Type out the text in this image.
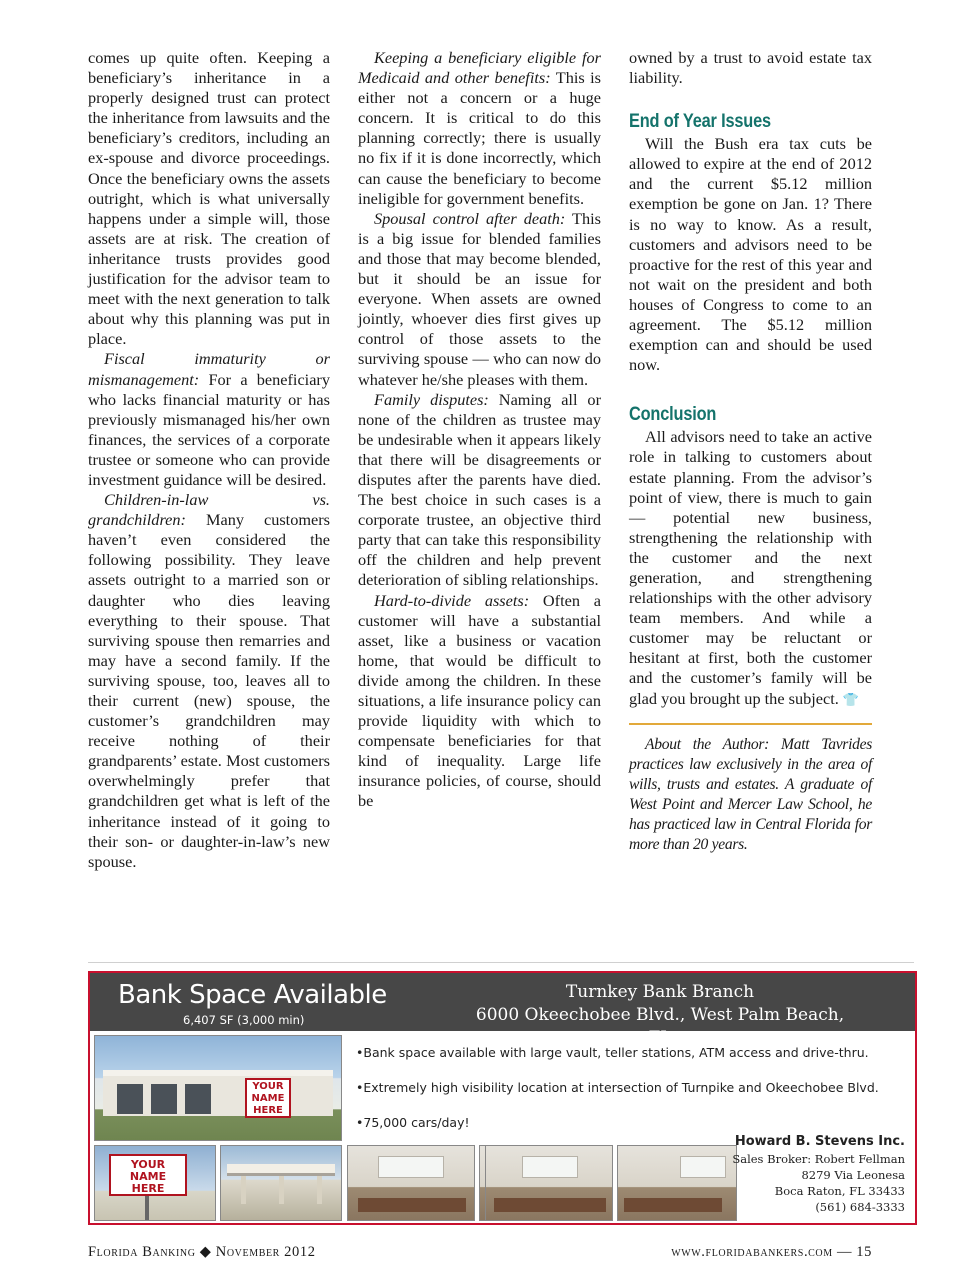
comes up quite often. Keeping a beneficiary’s inheritance in a properly designed trust can protect the inheritance from lawsuits and the beneficiary’s creditors, including an ex-spouse and divorce proceedings. Once the beneficiary owns the assets outright, which is what universally happens under a simple will, those assets are at risk. The creation of inheritance trusts provides good justification for the advisor team to meet with the next generation to talk about why this planning was put in place.

Fiscal immaturity or mismanagement: For a beneficiary who lacks financial maturity or has previously mismanaged his/her own finances, the services of a corporate trustee or someone who can provide investment guidance will be desired.

Children-in-law vs. grandchildren: Many customers haven’t even considered the following possibility. They leave assets outright to a married son or daughter who dies leaving everything to their spouse. That surviving spouse then remarries and may have a second family. If the surviving spouse, too, leaves all to their current (new) spouse, the customer’s grandchildren may receive nothing of their grandparents’ estate. Most customers overwhelmingly prefer that grandchildren get what is left of the inheritance instead of it going to their son- or daughter-in-law’s new spouse.

Keeping a beneficiary eligible for Medicaid and other benefits: This is either not a concern or a huge concern. It is critical to do this planning correctly; there is usually no fix if it is done incorrectly, which can cause the beneficiary to become ineligible for government benefits.

Spousal control after death: This is a big issue for blended families and those that may become blended, but it should be an issue for everyone. When assets are owned jointly, whoever dies first gives up control of those assets to the surviving spouse — who can now do whatever he/she pleases with them.

Family disputes: Naming all or none of the children as trustee may be undesirable when it appears likely that there will be disagreements or disputes after the parents have died. The best choice in such cases is a corporate trustee, an objective third party that can take this responsibility off the children and help prevent deterioration of sibling relationships.

Hard-to-divide assets: Often a customer will have a substantial asset, like a business or vacation home, that would be difficult to divide among the children. In these situations, a life insurance policy can provide liquidity with which to compensate beneficiaries for that kind of inequality. Large life insurance policies, of course, should be

owned by a trust to avoid estate tax liability.

End of Year Issues

Will the Bush era tax cuts be allowed to expire at the end of 2012 and the current $5.12 million exemption be gone on Jan. 1? There is no way to know. As a result, customers and advisors need to be proactive for the rest of this year and not wait on the president and both houses of Congress to come to an agreement. The $5.12 million exemption can and should be used now.

Conclusion

All advisors need to take an active role in talking to customers about estate planning. From the advisor’s point of view, there is much to gain — potential new business, strengthening the relationship with the customer and the next generation, and strengthening relationships with the other advisory team members. And while a customer may be reluctant or hesitant at first, both the customer and the customer’s family will be glad you brought up the subject. 👕

About the Author: Matt Tavrides practices law exclusively in the area of wills, trusts and estates. A graduate of West Point and Mercer Law School, he has practiced law in Central Florida for more than 20 years.

Bank Space Available
6,407 SF (3,000 min)
Turnkey Bank Branch
6000 Okeechobee Blvd., West Palm Beach, FL
YOUR
NAME
HERE
YOUR
NAME
HERE
•Bank space available with large vault, teller stations, ATM access and drive-thru.
•Extremely high visibility location at intersection of Turnpike and Okeechobee Blvd.
•75,000 cars/day!
Howard B. Stevens Inc.
Sales Broker: Robert Fellman
8279 Via Leonesa
Boca Raton, FL 33433
(561) 684-3333
Florida Banking ◆ November 2012	www.floridabankers.com — 15
